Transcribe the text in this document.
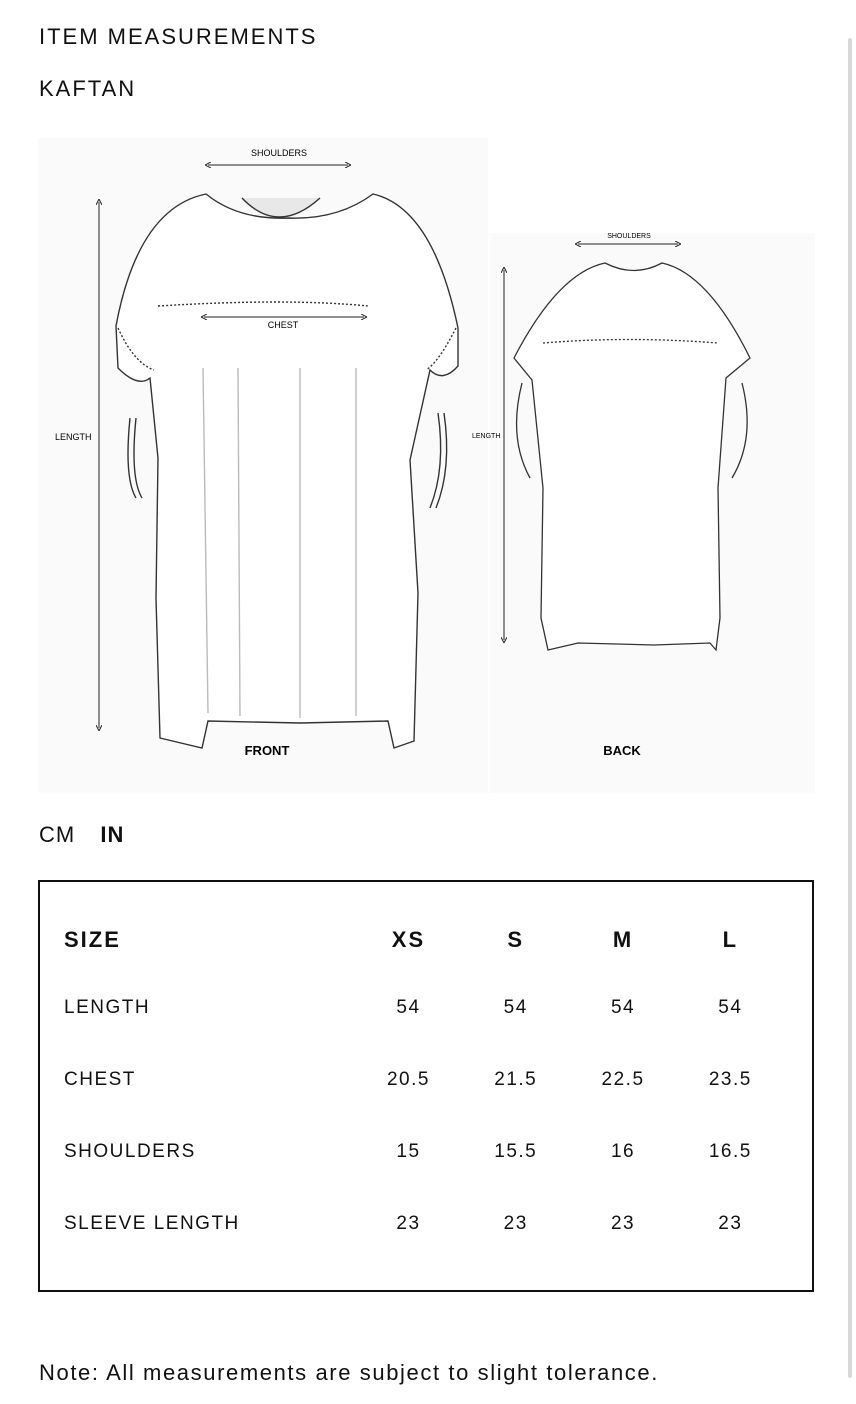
ITEM MEASUREMENTS
KAFTAN
SHOULDERS
CHEST
LENGTH
FRONT
SHOULDERS
LENGTH
BACK
CM IN
SIZE	XS	S	M	L
LENGTH	54	54	54	54
CHEST	20.5	21.5	22.5	23.5
SHOULDERS	15	15.5	16	16.5
SLEEVE LENGTH	23	23	23	23

Note: All measurements are subject to slight tolerance.
